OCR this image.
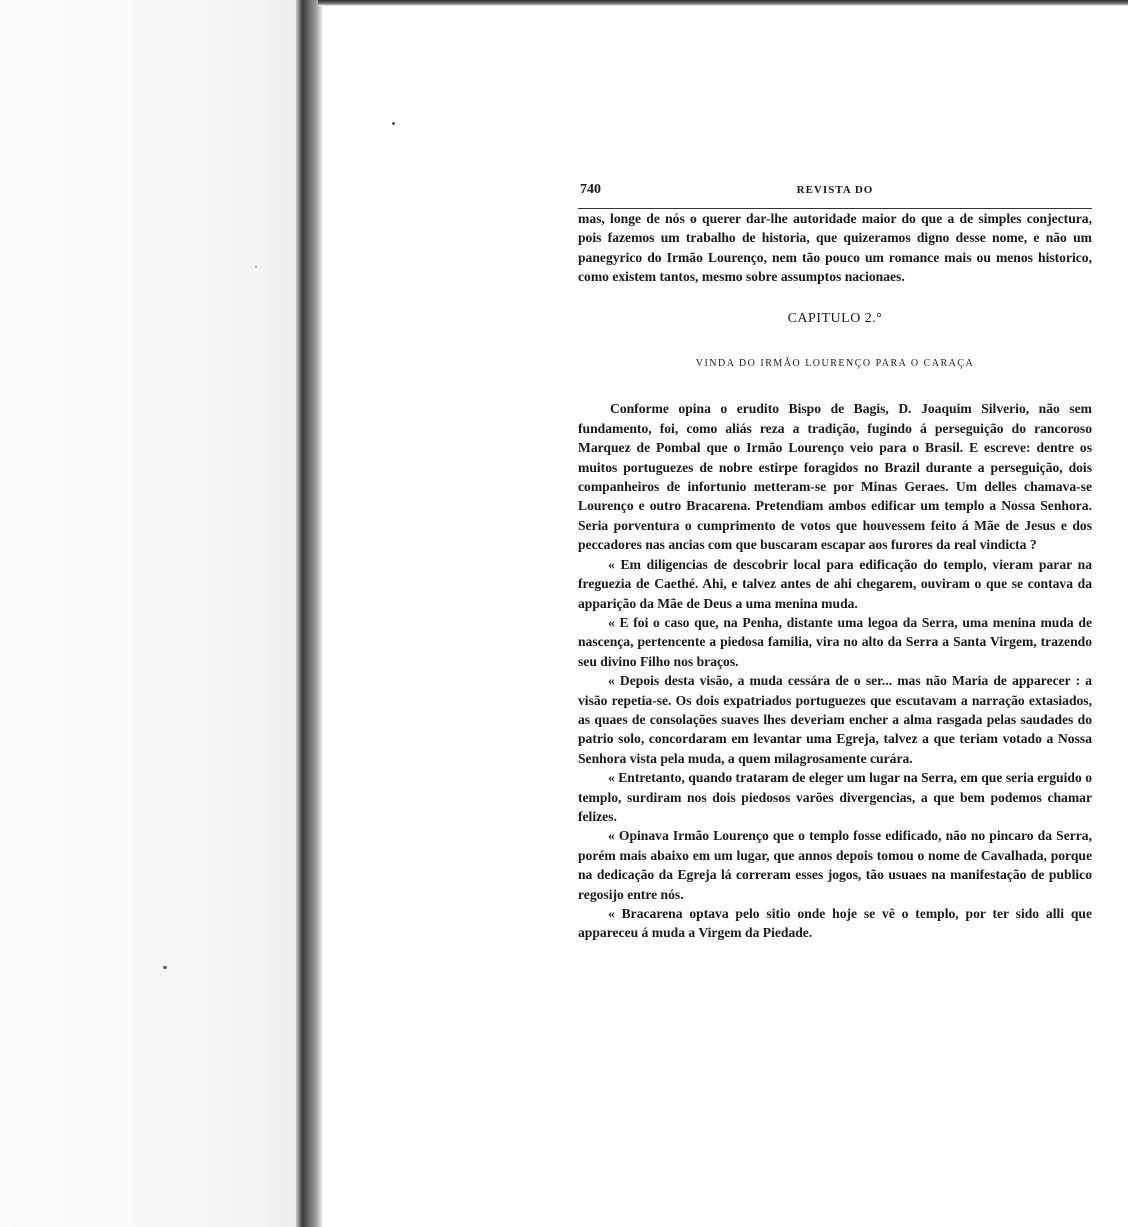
740	REVISTA DO

mas, longe de nós o querer dar-lhe autoridade maior do que a de simples conjectura, pois fazemos um trabalho de historia, que quizeramos digno desse nome, e não um panegyrico do Irmão Lourenço, nem tão pouco um romance mais ou menos historico, como existem tantos, mesmo sobre assumptos nacionaes.

CAPITULO 2.°
VINDA DO IRMÃO LOURENÇO PARA O CARAÇA

Conforme opina o erudito Bispo de Bagis, D. Joaquim Silverio, não sem fundamento, foi, como aliás reza a tradição, fugindo á perseguição do rancoroso Marquez de Pombal que o Irmão Lourenço veio para o Brasil. E escreve: dentre os muitos portuguezes de nobre estirpe foragidos no Brazil durante a perseguição, dois companheiros de infortunio metteram-se por Minas Geraes. Um delles chamava-se Lourenço e outro Bracarena. Pretendiam ambos edificar um templo a Nossa Senhora. Seria porventura o cumprimento de votos que houvessem feito á Mãe de Jesus e dos peccadores nas ancias com que buscaram escapar aos furores da real vindicta ?

« Em diligencias de descobrir local para edificação do templo, vieram parar na freguezia de Caethé. Ahi, e talvez antes de ahi chegarem, ouviram o que se contava da apparição da Mãe de Deus a uma menina muda.

« E foi o caso que, na Penha, distante uma legoa da Serra, uma menina muda de nascença, pertencente a piedosa familia, vira no alto da Serra a Santa Virgem, trazendo seu divino Filho nos braços.

« Depois desta visão, a muda cessára de o ser... mas não Maria de apparecer : a visão repetia-se. Os dois expatriados portuguezes que escutavam a narração extasiados, as quaes de consolações suaves lhes deveriam encher a alma rasgada pelas saudades do patrio solo, concordaram em levantar uma Egreja, talvez a que teriam votado a Nossa Senhora vista pela muda, a quem milagrosamente curára.

« Entretanto, quando trataram de eleger um lugar na Serra, em que seria erguido o templo, surdiram nos dois piedosos varões divergencias, a que bem podemos chamar felizes.

« Opinava Irmão Lourenço que o templo fosse edificado, não no pincaro da Serra, porém mais abaixo em um lugar, que annos depois tomou o nome de Cavalhada, porque na dedicação da Egreja lá correram esses jogos, tão usuaes na manifestação de publico regosijo entre nós.

« Bracarena optava pelo sitio onde hoje se vê o templo, por ter sido alli que appareceu á muda a Virgem da Piedade.
